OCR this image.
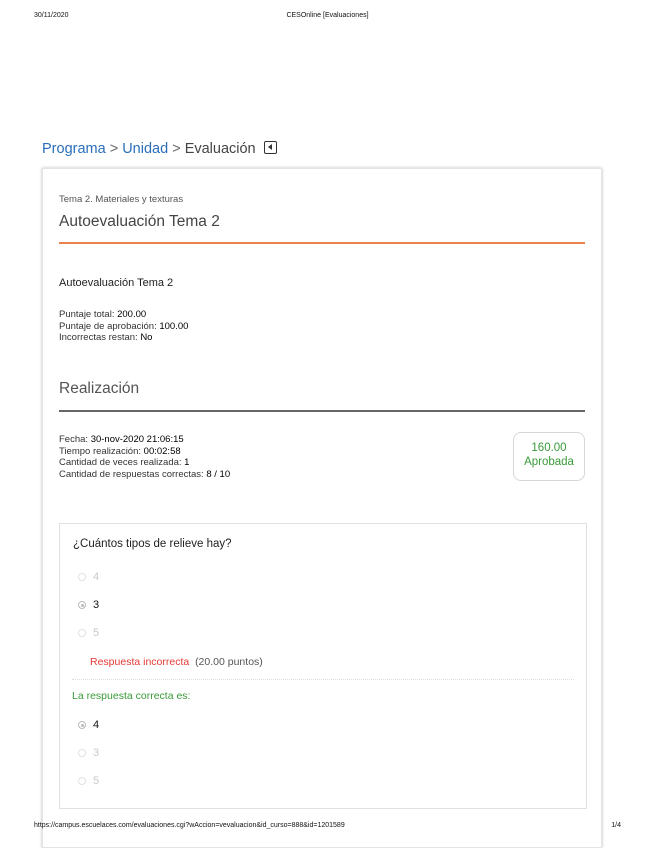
30/11/2020	CESOnline [Evaluaciones]
Programa > Unidad > Evaluación
Tema 2. Materiales y texturas
Autoevaluación Tema 2
Autoevaluación Tema 2
Puntaje total: 200.00
Puntaje de aprobación: 100.00
Incorrectas restan: No
Realización
Fecha: 30-nov-2020 21:06:15
Tiempo realización: 00:02:58
Cantidad de veces realizada: 1
Cantidad de respuestas correctas: 8 / 10
160.00
Aprobada
¿Cuántos tipos de relieve hay?
4
3
5
Respuesta incorrecta (20.00 puntos)
La respuesta correcta es:
4
3
5
https://campus.escuelaces.com/evaluaciones.cgi?wAccion=vevaluacion&id_curso=888&id=1201589	1/4
